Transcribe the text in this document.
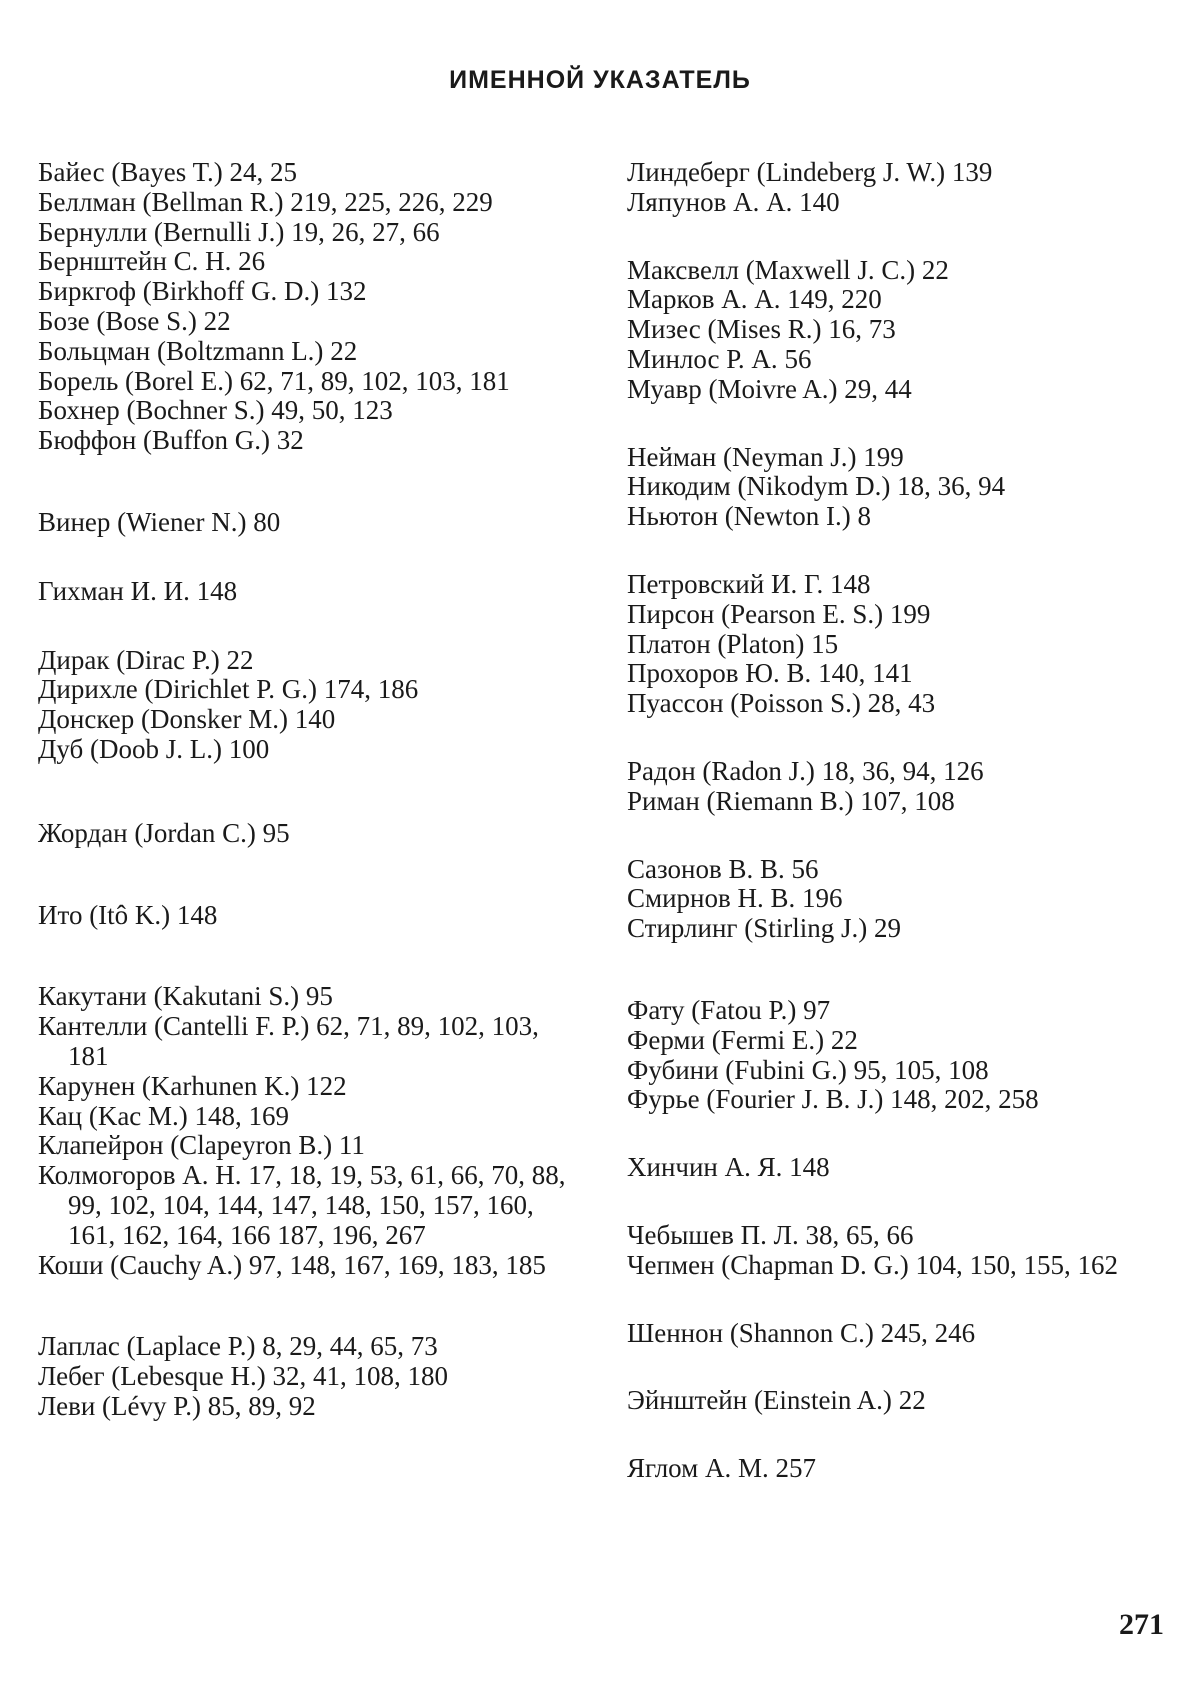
ИМЕННОЙ УКАЗАТЕЛЬ
Байес (Bayes T.) 24, 25
Беллман (Bellman R.) 219, 225, 226, 229
Бернулли (Bernulli J.) 19, 26, 27, 66
Бернштейн С. Н. 26
Биркгоф (Birkhoff G. D.) 132
Бозе (Bose S.) 22
Больцман (Boltzmann L.) 22
Борель (Borel E.) 62, 71, 89, 102, 103, 181
Бохнер (Bochner S.) 49, 50, 123
Бюффон (Buffon G.) 32
Винер (Wiener N.) 80
Гихман И. И. 148
Дирак (Dirac P.) 22
Дирихле (Dirichlet P. G.) 174, 186
Донскер (Donsker M.) 140
Дуб (Doob J. L.) 100
Жордан (Jordan C.) 95
Ито (Itô K.) 148
Какутани (Kakutani S.) 95
Кантелли (Cantelli F. P.) 62, 71, 89, 102, 103, 181
Карунен (Karhunen K.) 122
Кац (Kac M.) 148, 169
Клапейрон (Clapeyron B.) 11
Колмогоров А. Н. 17, 18, 19, 53, 61, 66, 70, 88, 99, 102, 104, 144, 147, 148, 150, 157, 160, 161, 162, 164, 166 187, 196, 267
Коши (Cauchy A.) 97, 148, 167, 169, 183, 185
Лаплас (Laplace P.) 8, 29, 44, 65, 73
Лебег (Lebesque H.) 32, 41, 108, 180
Леви (Lévy P.) 85, 89, 92
Линдеберг (Lindeberg J. W.) 139
Ляпунов А. А. 140
Максвелл (Maxwell J. C.) 22
Марков А. А. 149, 220
Мизес (Mises R.) 16, 73
Минлос Р. А. 56
Муавр (Moivre A.) 29, 44
Нейман (Neyman J.) 199
Никодим (Nikodym D.) 18, 36, 94
Ньютон (Newton I.) 8
Петровский И. Г. 148
Пирсон (Pearson E. S.) 199
Платон (Platon) 15
Прохоров Ю. В. 140, 141
Пуассон (Poisson S.) 28, 43
Радон (Radon J.) 18, 36, 94, 126
Риман (Riemann B.) 107, 108
Сазонов В. В. 56
Смирнов Н. В. 196
Стирлинг (Stirling J.) 29
Фату (Fatou P.) 97
Ферми (Fermi E.) 22
Фубини (Fubini G.) 95, 105, 108
Фурье (Fourier J. B. J.) 148, 202, 258
Хинчин А. Я. 148
Чебышев П. Л. 38, 65, 66
Чепмен (Chapman D. G.) 104, 150, 155, 162
Шеннон (Shannon C.) 245, 246
Эйнштейн (Einstein A.) 22
Яглом А. М. 257
271
